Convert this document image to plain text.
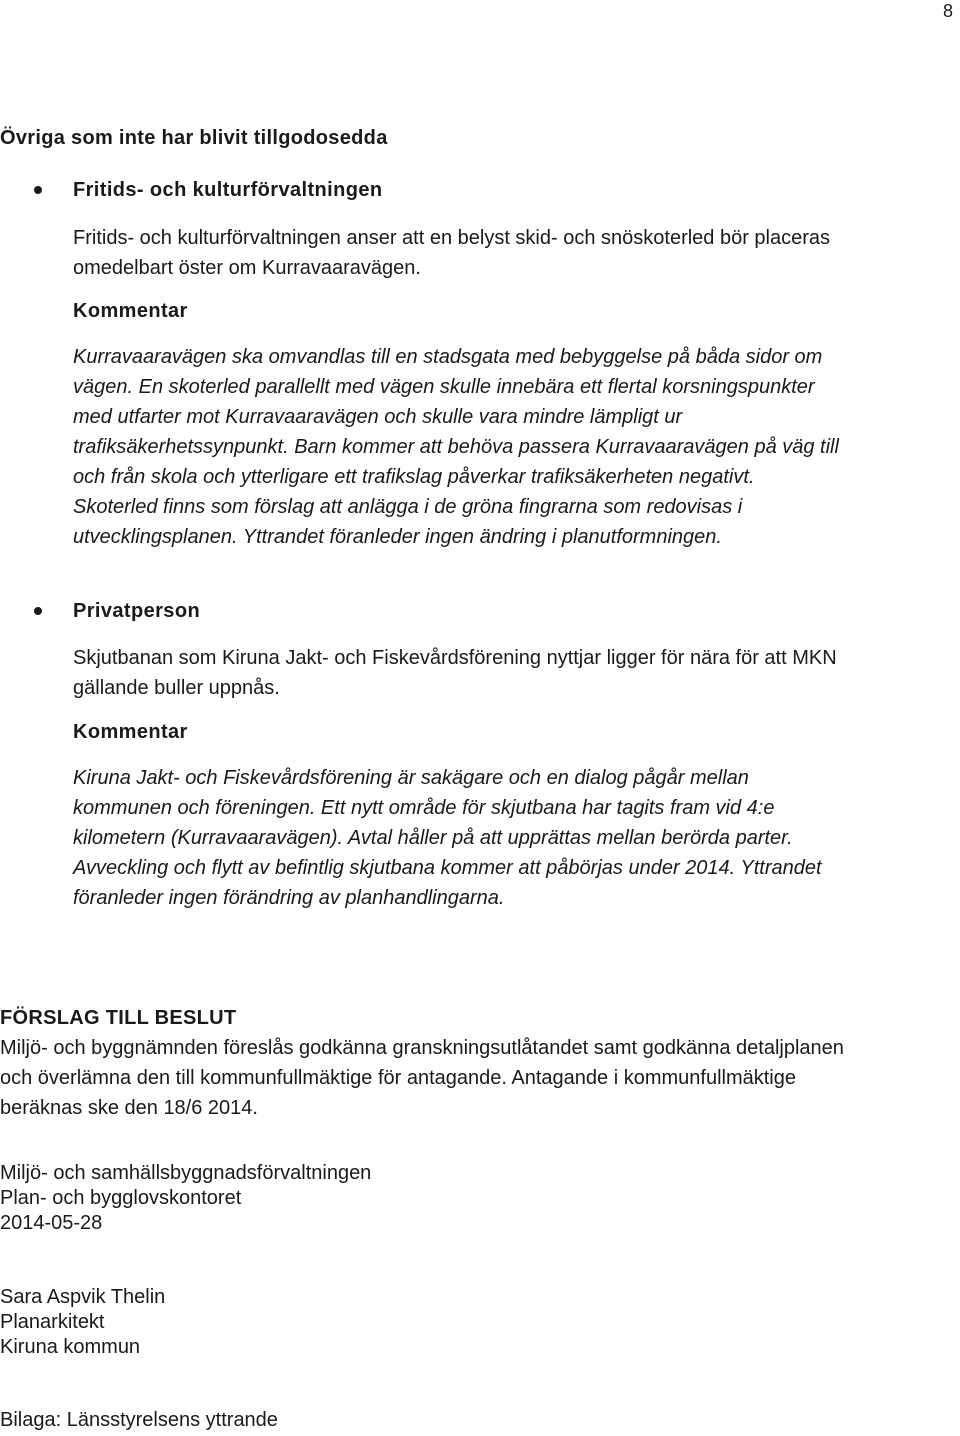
8
Övriga som inte har blivit tillgodosedda

Fritids- och kulturförvaltningen

Fritids- och kulturförvaltningen anser att en belyst skid- och snöskoterled bör placeras omedelbart öster om Kurravaaravägen.

Kommentar

Kurravaaravägen ska omvandlas till en stadsgata med bebyggelse på båda sidor om vägen. En skoterled parallellt med vägen skulle innebära ett flertal korsningspunkter med utfarter mot Kurravaaravägen och skulle vara mindre lämpligt ur trafiksäkerhetssynpunkt. Barn kommer att behöva passera Kurravaaravägen på väg till och från skola och ytterligare ett trafikslag påverkar trafiksäkerheten negativt. Skoterled finns som förslag att anlägga i de gröna fingrarna som redovisas i utvecklingsplanen. Yttrandet föranleder ingen ändring i planutformningen.

Privatperson

Skjutbanan som Kiruna Jakt- och Fiskevårdsförening nyttjar ligger för nära för att MKN gällande buller uppnås.

Kommentar

Kiruna Jakt- och Fiskevårdsförening är sakägare och en dialog pågår mellan kommunen och föreningen. Ett nytt område för skjutbana har tagits fram vid 4:e kilometern (Kurravaaravägen). Avtal håller på att upprättas mellan berörda parter. Avveckling och flytt av befintlig skjutbana kommer att påbörjas under 2014. Yttrandet föranleder ingen förändring av planhandlingarna.
FÖRSLAG TILL BESLUT
Miljö- och byggnämnden föreslås godkänna granskningsutlåtandet samt godkänna detaljplanen och överlämna den till kommunfullmäktige för antagande. Antagande i kommunfullmäktige beräknas ske den 18/6 2014.

Miljö- och samhällsbyggnadsförvaltningen

Plan- och bygglovskontoret

2014-05-28

Sara Aspvik Thelin

Planarkitekt

Kiruna kommun

Bilaga: Länsstyrelsens yttrande
